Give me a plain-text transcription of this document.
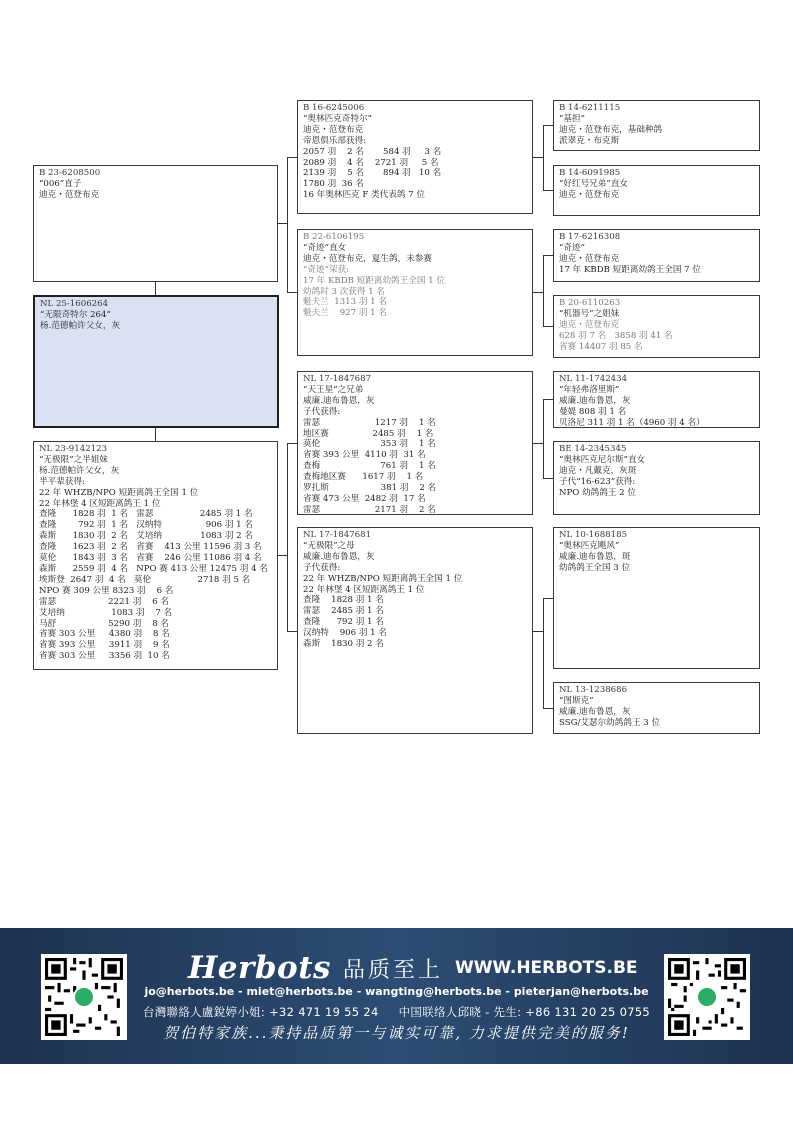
B 23-6208500
“006”直子
迪克・范登布克
NL 25-1606264
“无限奇特尔 264”
杨.范德帕许父女，灰
NL 23-9142123
“无极限”之半姐妹
杨.范德帕许父女，灰
半平辈获得:
22 年 WHZB/NPO 短距离鸽王全国 1 位
22 年林堡 4 区短距离鸽王 1 位
查隆      1828 羽  1 名   雷瑟                 2485 羽 1 名
查隆        792 羽  1 名   汉纳特                906 羽 1 名
森斯      1830 羽  2 名   艾培纳              1083 羽 2 名
查隆      1623 羽  2 名   省赛    413 公里 11596 羽 3 名
莫伦      1843 羽  3 名   省赛    246 公里 11086 羽 4 名
森斯      2559 羽  4 名   NPO 赛 413 公里 12475 羽 4 名
埃斯登  2647 羽  4 名   莫伦                 2718 羽 5 名
NPO 赛 309 公里 8323 羽    6 名
雷瑟                   2221 羽    6 名
艾培纳                 1083 羽    7 名
马舒                   5290 羽    8 名
省赛 303 公里     4380 羽    8 名
省赛 393 公里     3911 羽    9 名
省赛 303 公里     3356 羽  10 名
B 16-6245006
“奥林匹克奇特尔”
迪克・范登布克
帝恩俱乐部获得:
2057 羽    2 名       584 羽     3 名
2089 羽    4 名    2721 羽     5 名
2139 羽    5 名       894 羽   10 名
1780 羽  36 名
16 年奥林匹克 F 类代表鸽 7 位
B 22-6106195
“奇迹”直女
迪克・范登布克，夏生鸽，未参赛
“奇迹”荣获:
17 年 KBDB 短距离幼鸽王全国 1 位
幼鸽时 3 次获得 1 名
魁夫兰  1313 羽 1 名
魁夫兰    927 羽 1 名
NL 17-1847687
“天王星”之兄弟
威廉.迪布鲁恩，灰
子代获得:
雷瑟                    1217 羽    1 名
地区赛                2485 羽    1 名
莫伦                      353 羽    1 名
省赛 393 公里  4110 羽  31 名
查梅                      761 羽    1 名
查梅地区赛      1617 羽    1 名
罗扎斯                   381 羽    2 名
省赛 473 公里  2482 羽  17 名
雷瑟                    2171 羽    2 名
NL 17-1847681
“无极限”之母
威廉.迪布鲁恩，灰
子代获得:
22 年 WHZB/NPO 短距离鸽王全国 1 位
22 年林堡 4 区短距离鸽王 1 位
查隆    1828 羽 1 名
雷瑟    2485 羽 1 名
查隆      792 羽 1 名
汉纳特    906 羽 1 名
森斯    1830 羽 2 名
B 14-6211115
“基担”
迪克・范登布克，基础种鸽
派翠克・布克斯
B 14-6091985
“好红号兄弟”直女
迪克・范登布克
B 17-6216308
“奇迹”
迪克・范登布克
17 年 KBDB 短距离幼鸽王全国 7 位
B 20-6110263
“机器号”之姐妹
迪克・范登布克
628 羽 7 名   3858 羽 41 名
省赛 14407 羽 85 名
NL 11-1742434
“年轻弗洛里斯”
威廉.迪布鲁恩，灰
曼媞 808 羽 1 名
贝洛尼 311 羽 1 名（4960 羽 4 名）
BE 14-2345345
“奥林匹克尼尔斯”直女
迪克・凡戴克，灰斑
子代“16-623”获得:
NPO 幼鸽鸽王 2 位
NL 10-1688185
“奥林匹克飓风”
威廉.迪布鲁恩，斑
幼鸽鸽王全国 3 位
NL 13-1238686
“图斯克”
威廉.迪布鲁恩，灰
SSG/艾瑟尔幼鸽鸽王 3 位
Herbots 品质至上 WWW.HERBOTS.BE
jo@herbots.be - miet@herbots.be - wangting@herbots.be - pieterjan@herbots.be
台灣聯絡人盧銳婷小姐: +32 471 19 55 24 中国联络人邱晓 - 先生: +86 131 20 25 0755
贺伯特家族...秉持品质第一与诚实可靠, 力求提供完美的服务!
